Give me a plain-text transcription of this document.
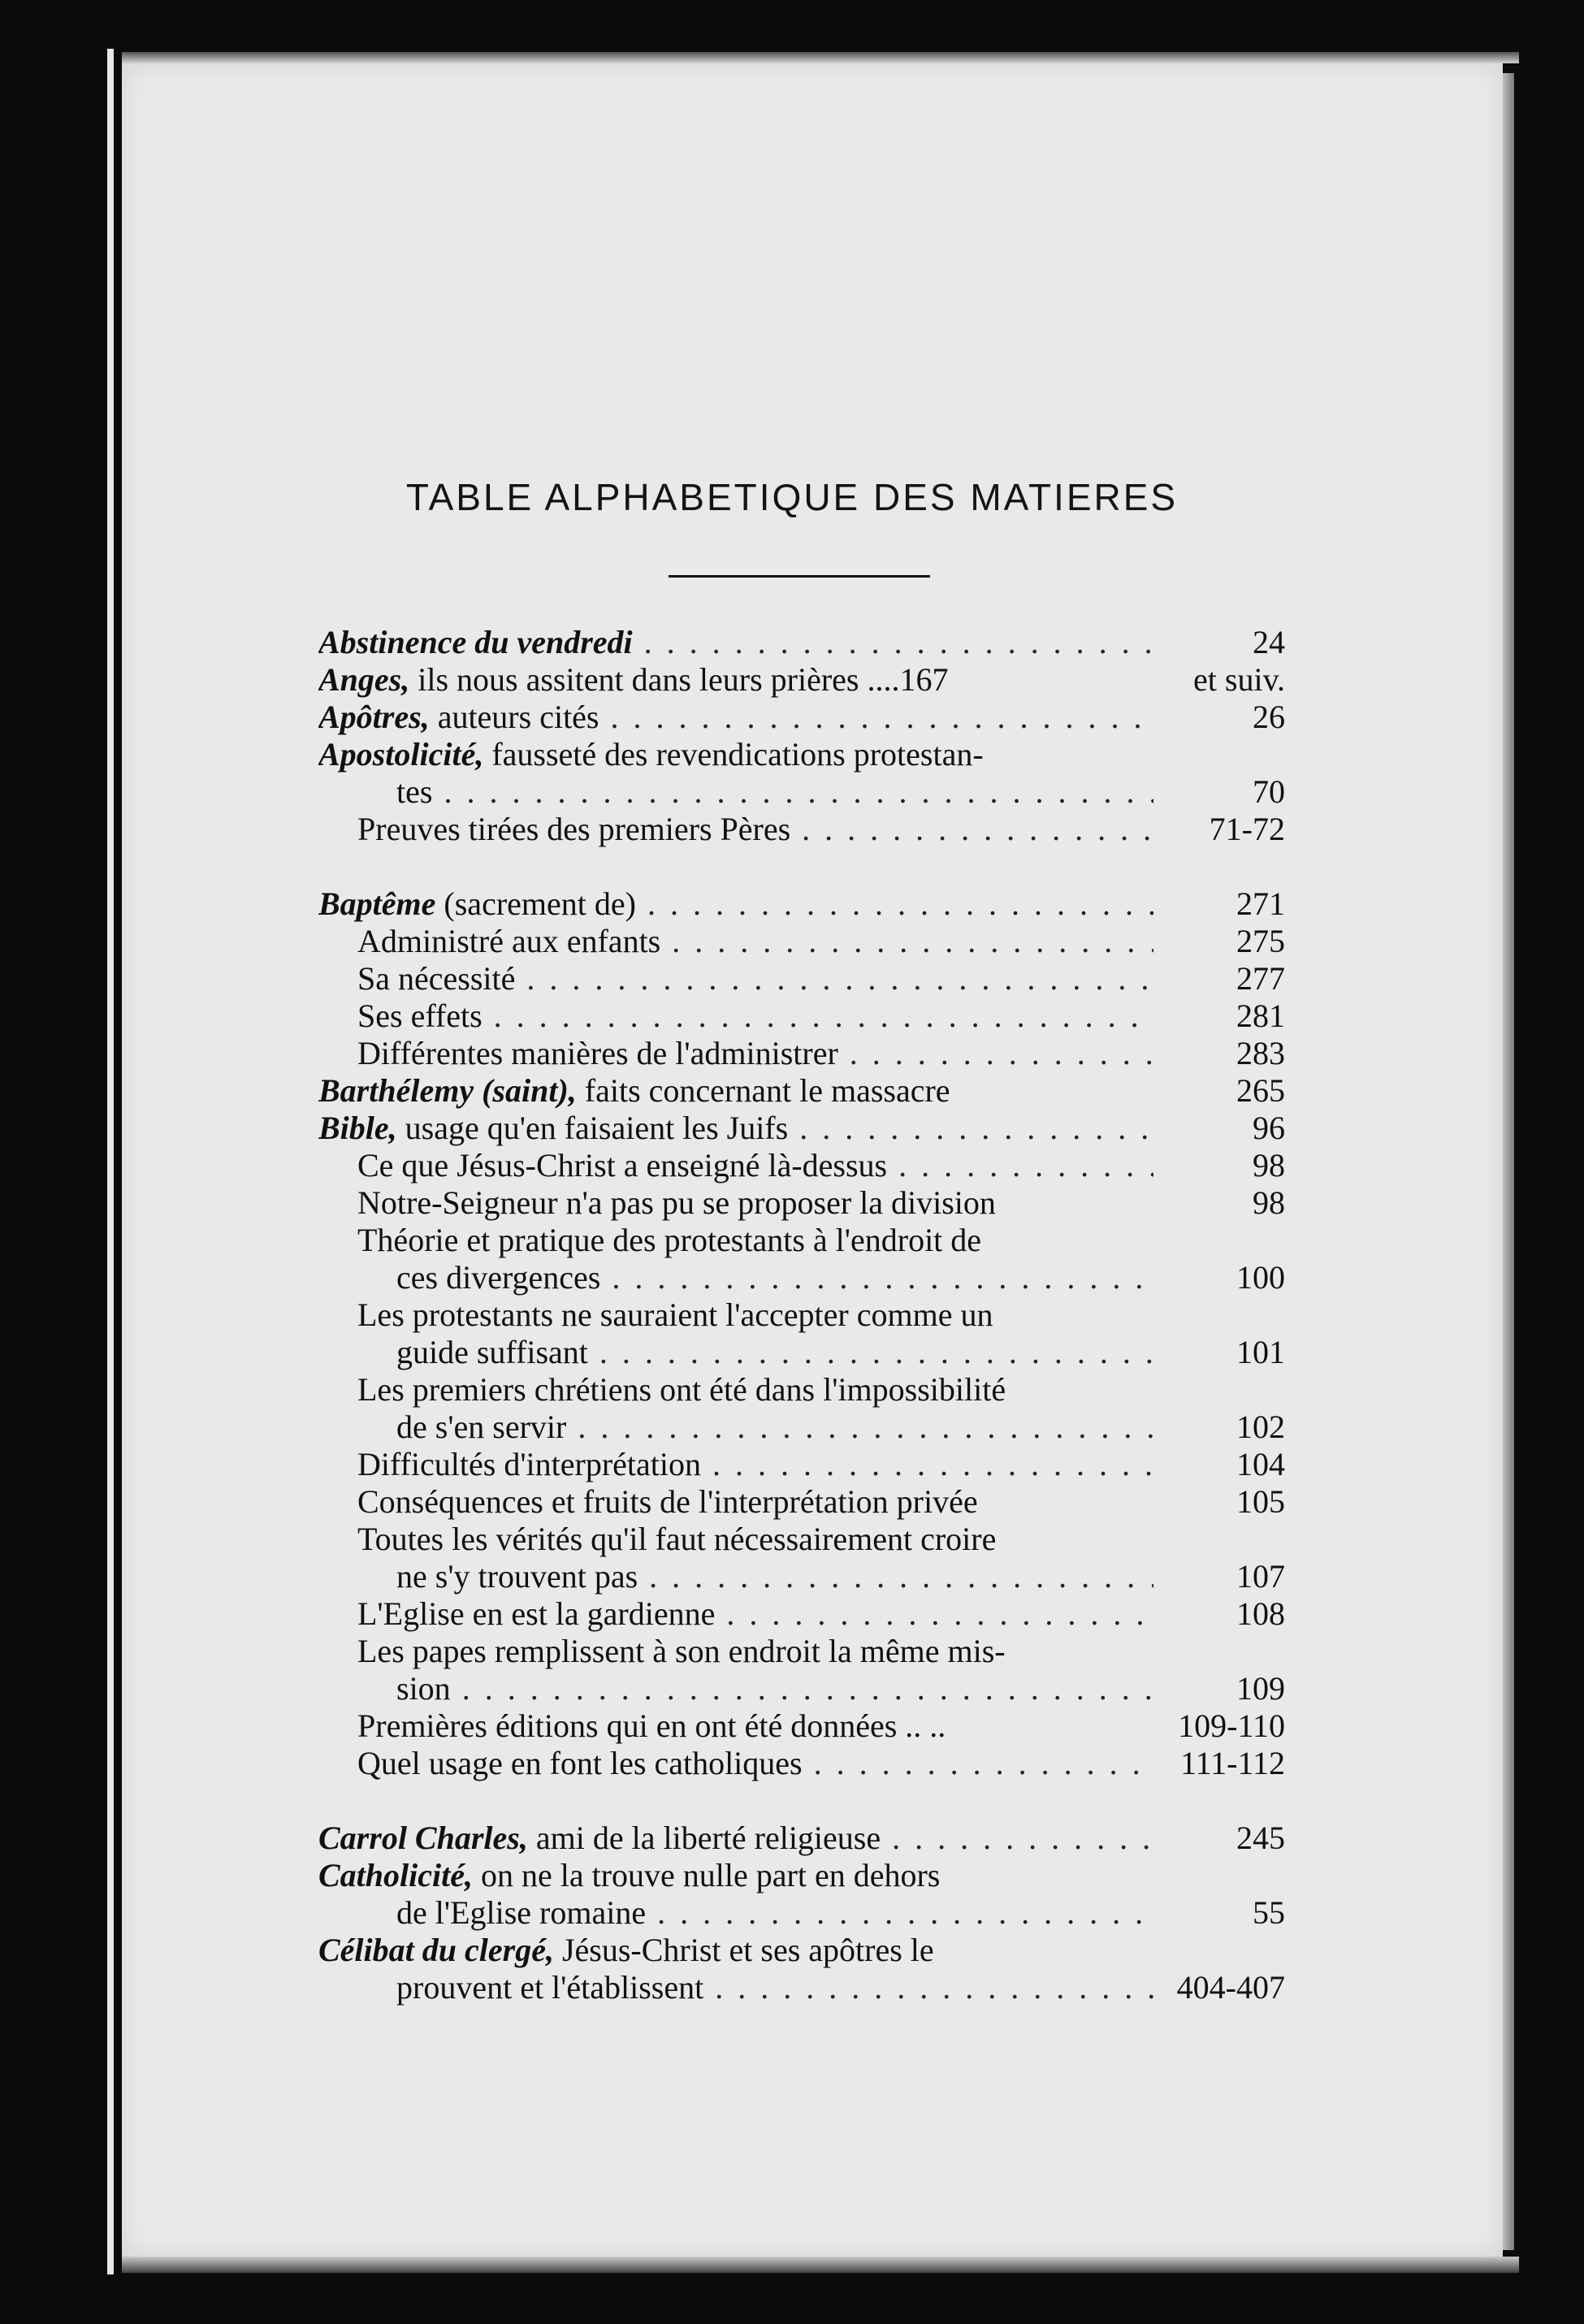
TABLE ALPHABETIQUE DES MATIERES
Abstinence du vendredi . . .	24
Anges, ils nous assitent dans leurs prières ....167	et suiv.
Apôtres, auteurs cités . . .	26
Apostolicité, fausseté des revendications protestan-
tes . . .	70
Preuves tirées des premiers Pères . . .	71-72
Baptême (sacrement de) . . .	271
Administré aux enfants . . .	275
Sa nécessité . . .	277
Ses effets . . .	281
Différentes manières de l'administrer . . .	283
Barthélemy (saint), faits concernant le massacre	265
Bible, usage qu'en faisaient les Juifs . . .	96
Ce que Jésus-Christ a enseigné là-dessus . . .	98
Notre-Seigneur n'a pas pu se proposer la division	98
Théorie et pratique des protestants à l'endroit de
ces divergences . . .	100
Les protestants ne sauraient l'accepter comme un
guide suffisant . . .	101
Les premiers chrétiens ont été dans l'impossibilité
de s'en servir . . .	102
Difficultés d'interprétation . . .	104
Conséquences et fruits de l'interprétation privée	105
Toutes les vérités qu'il faut nécessairement croire
ne s'y trouvent pas . . .	107
L'Eglise en est la gardienne . . .	108
Les papes remplissent à son endroit la même mis-
sion . . .	109
Premières éditions qui en ont été données .. ..	109-110
Quel usage en font les catholiques . . .	111-112
Carrol Charles, ami de la liberté religieuse . . .	245
Catholicité, on ne la trouve nulle part en dehors
de l'Eglise romaine . . .	55
Célibat du clergé, Jésus-Christ et ses apôtres le
prouvent et l'établissent . . .	404-407
